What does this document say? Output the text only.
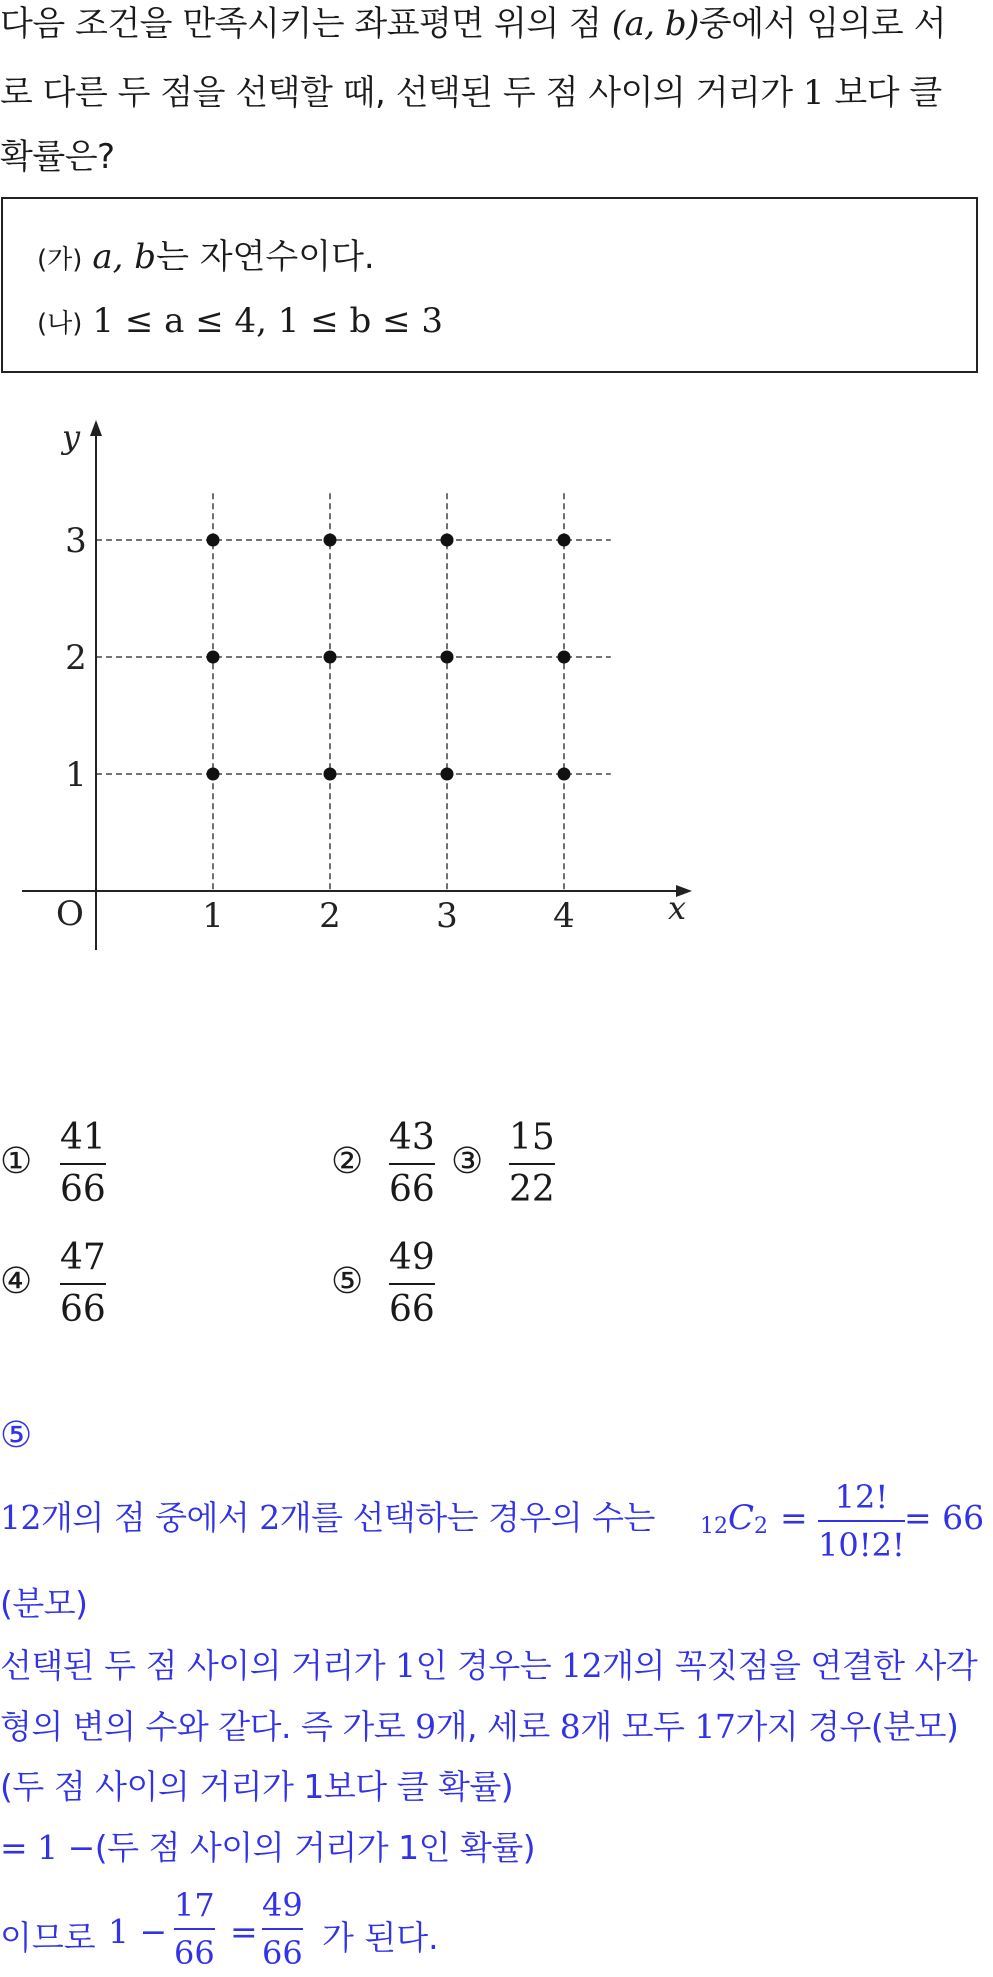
다음 조건을 만족시키는 좌표평면 위의 점 (a, b)중에서 임의로 서
로 다른 두 점을 선택할 때, 선택된 두 점 사이의 거리가 1 보다 클
확률은?
(가) a, b는 자연수이다.
(나) 1 ≤ a ≤ 4, 1 ≤ b ≤ 3
x
y
O	1	2	3	4
1
2
3
①
41
66
②
43
66
③
15
22
④
47
66
⑤
49
66
⑤
12개의 점 중에서 2개를 선택하는 경우의 수는 12 C 2 =
12!
10!2!
= 66
(분모)
선택된 두 점 사이의 거리가 1인 경우는 12개의 꼭짓점을 연결한 사각
형의 변의 수와 같다. 즉 가로 9개, 세로 8개 모두 17가지 경우(분모)
(두 점 사이의 거리가 1보다 클 확률)
= 1 −(두 점 사이의 거리가 1인 확률)
이므로 1 −
17
66
=
49
66 가 된다.
